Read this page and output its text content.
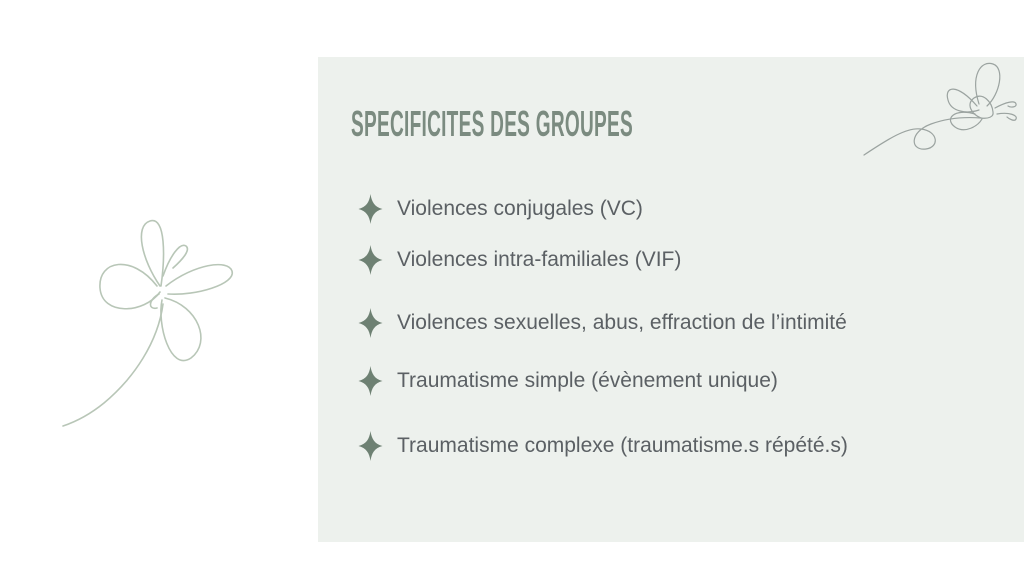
SPECIFICITES DES GROUPES
Violences conjugales (VC)
Violences intra-familiales (VIF)
Violences sexuelles, abus, effraction de l’intimité
Traumatisme simple (évènement unique)
Traumatisme complexe (traumatisme.s répété.s)
